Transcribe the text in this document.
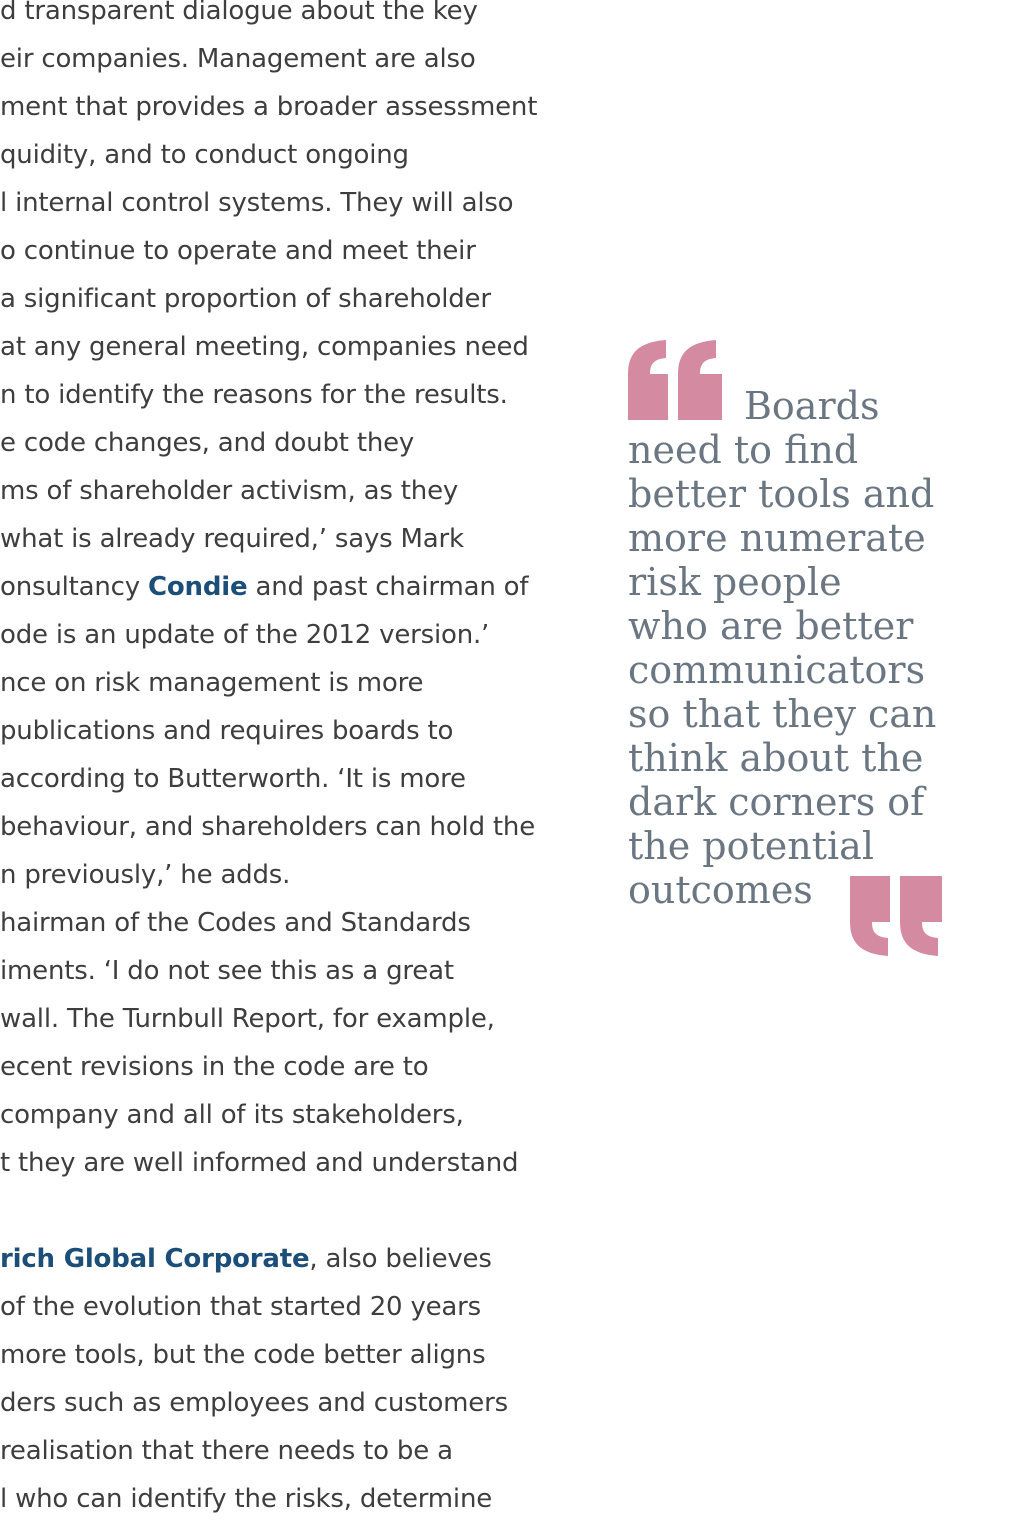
d transparent dialogue about the key
eir companies. Management are also
ment that provides a broader assessment
quidity, and to conduct ongoing
l internal control systems. They will also
o continue to operate and meet their
a significant proportion of shareholder
at any general meeting, companies need
n to identify the reasons for the results.
e code changes, and doubt they
ms of shareholder activism, as they
what is already required,’ says Mark
onsultancy Condie and past chairman of
ode is an update of the 2012 version.’
nce on risk management is more
publications and requires boards to
according to Butterworth. ‘It is more
behaviour, and shareholders can hold the
n previously,’ he adds.
hairman of the Codes and Standards
iments. ‘I do not see this as a great
wall. The Turnbull Report, for example,
ecent revisions in the code are to
company and all of its stakeholders,
t they are well informed and understand
rich Global Corporate, also believes
of the evolution that started 20 years
more tools, but the code better aligns
ders such as employees and customers
realisation that there needs to be a
l who can identify the risks, determine
Boards
need to find
better tools and
more numerate
risk people
who are better
communicators
so that they can
think about the
dark corners of
the potential
outcomes
